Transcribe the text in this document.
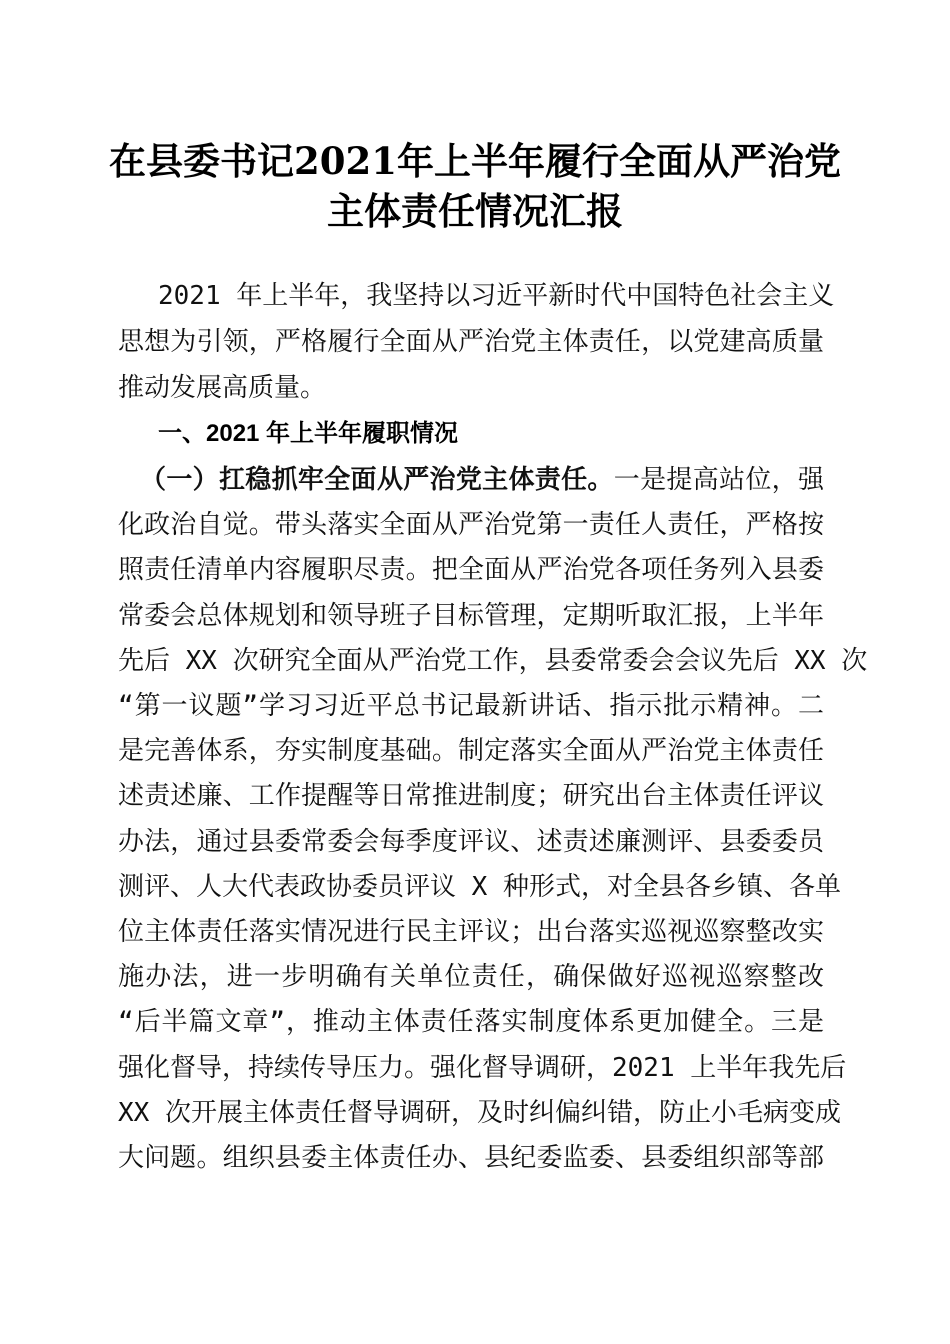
在县委书记2021年上半年履行全面从严治党
主体责任情况汇报
2021 年上半年，我坚持以习近平新时代中国特色社会主义
思想为引领，严格履行全面从严治党主体责任，以党建高质量
推动发展高质量。
一、2021 年上半年履职情况
（一）扛稳抓牢全面从严治党主体责任。一是提高站位，强
化政治自觉。带头落实全面从严治党第一责任人责任，严格按
照责任清单内容履职尽责。把全面从严治党各项任务列入县委
常委会总体规划和领导班子目标管理，定期听取汇报，上半年
先后 XX 次研究全面从严治党工作，县委常委会会议先后 XX 次
“第一议题”学习习近平总书记最新讲话、指示批示精神。二
是完善体系，夯实制度基础。制定落实全面从严治党主体责任
述责述廉、工作提醒等日常推进制度；研究出台主体责任评议
办法，通过县委常委会每季度评议、述责述廉测评、县委委员
测评、人大代表政协委员评议 X 种形式，对全县各乡镇、各单
位主体责任落实情况进行民主评议；出台落实巡视巡察整改实
施办法，进一步明确有关单位责任，确保做好巡视巡察整改
“后半篇文章”，推动主体责任落实制度体系更加健全。三是
强化督导，持续传导压力。强化督导调研，2021 上半年我先后
XX 次开展主体责任督导调研，及时纠偏纠错，防止小毛病变成
大问题。组织县委主体责任办、县纪委监委、县委组织部等部
